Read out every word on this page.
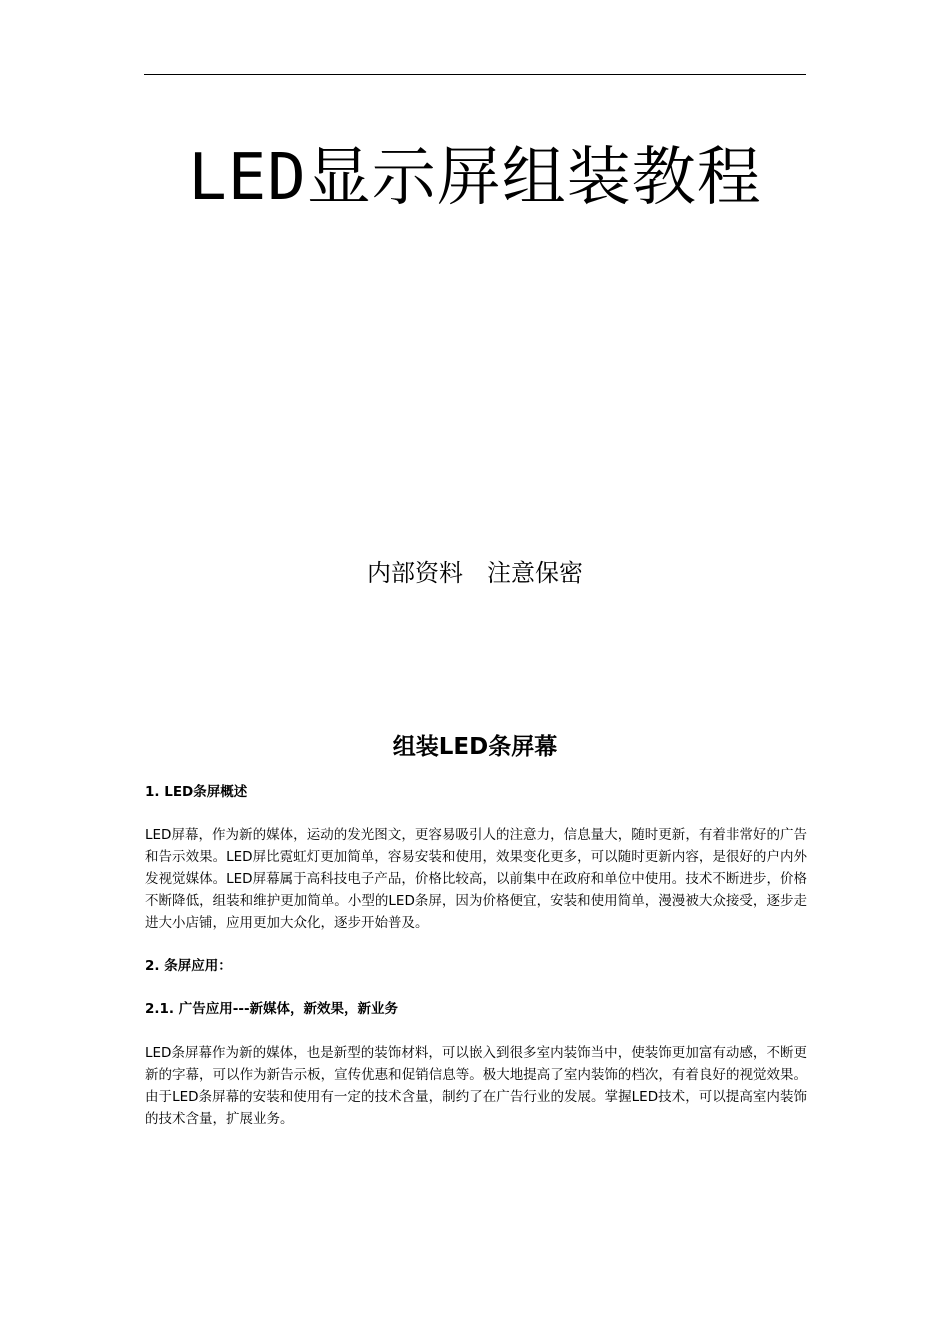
LED显示屏组装教程
内部资料　注意保密
组装LED条屏幕
1. LED条屏概述

LED屏幕，作为新的媒体，运动的发光图文，更容易吸引人的注意力，信息量大，随时更新，有着非常好的广告和告示效果。LED屏比霓虹灯更加简单，容易安装和使用，效果变化更多，可以随时更新内容，是很好的户内外发视觉媒体。LED屏幕属于高科技电子产品，价格比较高，以前集中在政府和单位中使用。技术不断进步，价格不断降低，组装和维护更加简单。小型的LED条屏，因为价格便宜，安装和使用简单，漫漫被大众接受，逐步走进大小店铺，应用更加大众化，逐步开始普及。

2. 条屏应用：
2.1. 广告应用---新媒体，新效果，新业务

LED条屏幕作为新的媒体，也是新型的装饰材料，可以嵌入到很多室内装饰当中，使装饰更加富有动感，不断更新的字幕，可以作为新告示板，宣传优惠和促销信息等。极大地提高了室内装饰的档次，有着良好的视觉效果。由于LED条屏幕的安装和使用有一定的技术含量，制约了在广告行业的发展。掌握LED技术，可以提高室内装饰的技术含量，扩展业务。
